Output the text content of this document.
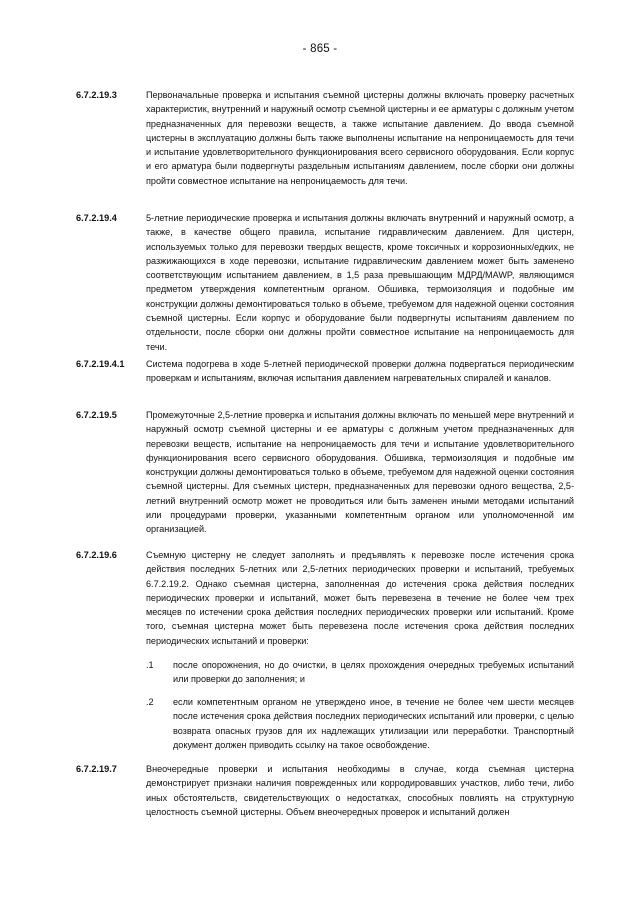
- 865 -
6.7.2.19.3	Первоначальные проверка и испытания съемной цистерны должны включать проверку расчетных характеристик, внутренний и наружный осмотр съемной цистерны и ее арматуры с должным учетом предназначенных для перевозки веществ, а также испытание давлением. До ввода съемной цистерны в эксплуатацию должны быть также выполнены испытание на непроницаемость для течи и испытание удовлетворительного функционирования всего сервисного оборудования. Если корпус и его арматура были подвергнуты раздельным испытаниям давлением, после сборки они должны пройти совместное испытание на непроницаемость для течи.
6.7.2.19.4	5-летние периодические проверка и испытания должны включать внутренний и наружный осмотр, а также, в качестве общего правила, испытание гидравлическим давлением. Для цистерн, используемых только для перевозки твердых веществ, кроме токсичных и коррозионных/едких, не разжижающихся в ходе перевозки, испытание гидравлическим давлением может быть заменено соответствующим испытанием давлением, в 1,5 раза превышающим МДРД/MAWP, являющимся предметом утверждения компетентным органом. Обшивка, термоизоляция и подобные им конструкции должны демонтироваться только в объеме, требуемом для надежной оценки состояния съемной цистерны. Если корпус и оборудование были подвергнуты испытаниям давлением по отдельности, после сборки они должны пройти совместное испытание на непроницаемость для течи.
6.7.2.19.4.1 Система подогрева в ходе 5-летней периодической проверки должна подвергаться периодическим проверкам и испытаниям, включая испытания давлением нагревательных спиралей и каналов.
6.7.2.19.5	Промежуточные 2,5-летние проверка и испытания должны включать по меньшей мере внутренний и наружный осмотр съемной цистерны и ее арматуры с должным учетом предназначенных для перевозки веществ, испытание на непроницаемость для течи и испытание удовлетворительного функционирования всего сервисного оборудования. Обшивка, термоизоляция и подобные им конструкции должны демонтироваться только в объеме, требуемом для надежной оценки состояния съемной цистерны. Для съемных цистерн, предназначенных для перевозки одного вещества, 2,5-летний внутренний осмотр может не проводиться или быть заменен иными методами испытаний или процедурами проверки, указанными компетентным органом или уполномоченной им организацией.
6.7.2.19.6	Съемную цистерну не следует заполнять и предъявлять к перевозке после истечения срока действия последних 5-летних или 2,5-летних периодических проверки и испытаний, требуемых 6.7.2.19.2. Однако съемная цистерна, заполненная до истечения срока действия последних периодических проверки и испытаний, может быть перевезена в течение не более чем трех месяцев по истечении срока действия последних периодических проверки или испытаний. Кроме того, съемная цистерна может быть перевезена после истечения срока действия последних периодических испытаний и проверки:
.1 после опорожнения, но до очистки, в целях прохождения очередных требуемых испытаний или проверки до заполнения; и
.2 если компетентным органом не утверждено иное, в течение не более чем шести месяцев после истечения срока действия последних периодических испытаний или проверки, с целью возврата опасных грузов для их надлежащих утилизации или переработки. Транспортный документ должен приводить ссылку на такое освобождение.
6.7.2.19.7	Внеочередные проверки и испытания необходимы в случае, когда съемная цистерна демонстрирует признаки наличия поврежденных или корродировавших участков, либо течи, либо иных обстоятельств, свидетельствующих о недостатках, способных повлиять на структурную целостность съемной цистерны. Объем внеочередных проверок и испытаний должен
